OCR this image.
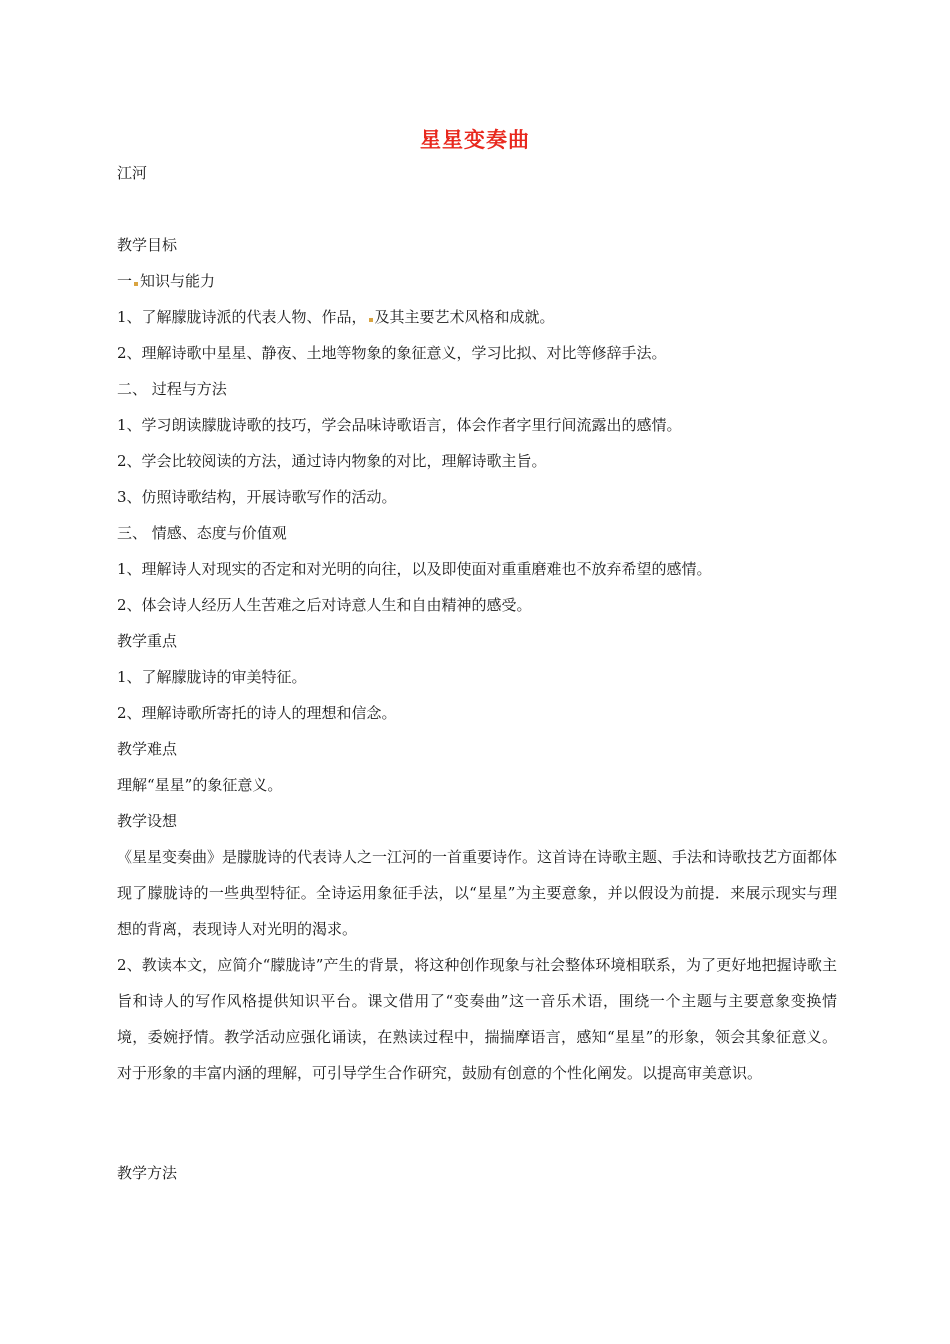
星星变奏曲
江河
教学目标
一 知识与能力
1、了解朦胧诗派的代表人物、作品， 及其主要艺术风格和成就。
2、理解诗歌中星星、静夜、土地等物象的象征意义，学习比拟、对比等修辞手法。
二、 过程与方法
1、学习朗读朦胧诗歌的技巧，学会品味诗歌语言，体会作者字里行间流露出的感情。
2、学会比较阅读的方法，通过诗内物象的对比，理解诗歌主旨。
3、仿照诗歌结构，开展诗歌写作的活动。
三、 情感、态度与价值观
1、理解诗人对现实的否定和对光明的向往，以及即使面对重重磨难也不放弃希望的感情。
2、体会诗人经历人生苦难之后对诗意人生和自由精神的感受。
教学重点
1、了解朦胧诗的审美特征。
2、理解诗歌所寄托的诗人的理想和信念。
教学难点
理解“星星”的象征意义。
教学设想
《星星变奏曲》是朦胧诗的代表诗人之一江河的一首重要诗作。这首诗在诗歌主题、手法和诗歌技艺方面都体现了朦胧诗的一些典型特征。全诗运用象征手法，以“星星”为主要意象，并以假设为前提．来展示现实与理想的背离，表现诗人对光明的渴求。
2、教读本文，应简介“朦胧诗”产生的背景，将这种创作现象与社会整体环境相联系，为了更好地把握诗歌主旨和诗人的写作风格提供知识平台。课文借用了“变奏曲”这一音乐术语，围绕一个主题与主要意象变换情境，委婉抒情。教学活动应强化诵读，在熟读过程中，揣揣摩语言，感知“星星”的形象，领会其象征意义。对于形象的丰富内涵的理解，可引导学生合作研究，鼓励有创意的个性化阐发。以提高审美意识。
教学方法
